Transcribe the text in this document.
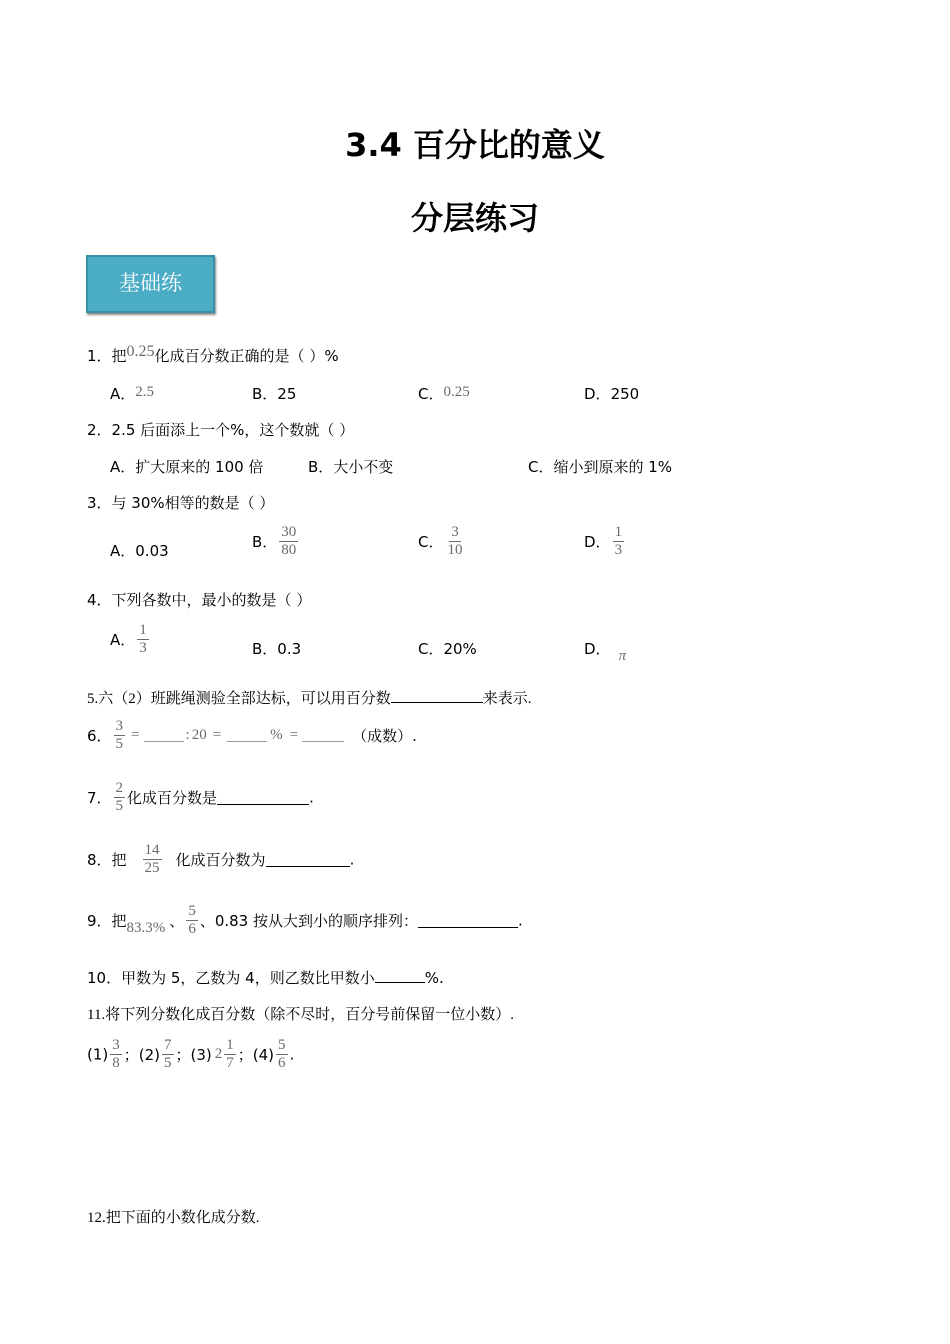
3.4 百分比的意义
分层练习
基础练
1．把0.25化成百分数正确的是（ ）%
A．2.5	B．25	C．0.25	D．250
2．2.5 后面添上一个%，这个数就（ ）
A．扩大原来的 100 倍	B．大小不变	C．缩小到原来的 1%
3．与 30%相等的数是（ ）
A．0.03	B． $\frac{30}{80}$	C． $\frac{3}{10}$	D． $\frac{1}{3}$
4．下列各数中，最小的数是（ ）
A． $\frac{1}{3}$	B．0.3	C．20%	D． π
5.六（2）班跳绳测验全部达标，可以用百分数	来表示.
6． $\frac{3}{5}$ =	: 20 =	% =	（成数）.
7． $\frac{2}{5}$ 化成百分数是	.
8．把 $\frac{14}{25}$ 化成百分数为	.
9．把83.3% 、 $\frac{5}{6}$ 、0.83 按从大到小的顺序排列：	.
10．甲数为 5，乙数为 4，则乙数比甲数小	%.
11.将下列分数化成百分数（除不尽时，百分号前保留一位小数）.
$(1) \frac{3}{8}$ ；$(2) \frac{7}{5}$ ；(3) $2 \frac{1}{7}$ ；$(4) \frac{5}{6}$ .
12.把下面的小数化成分数.
